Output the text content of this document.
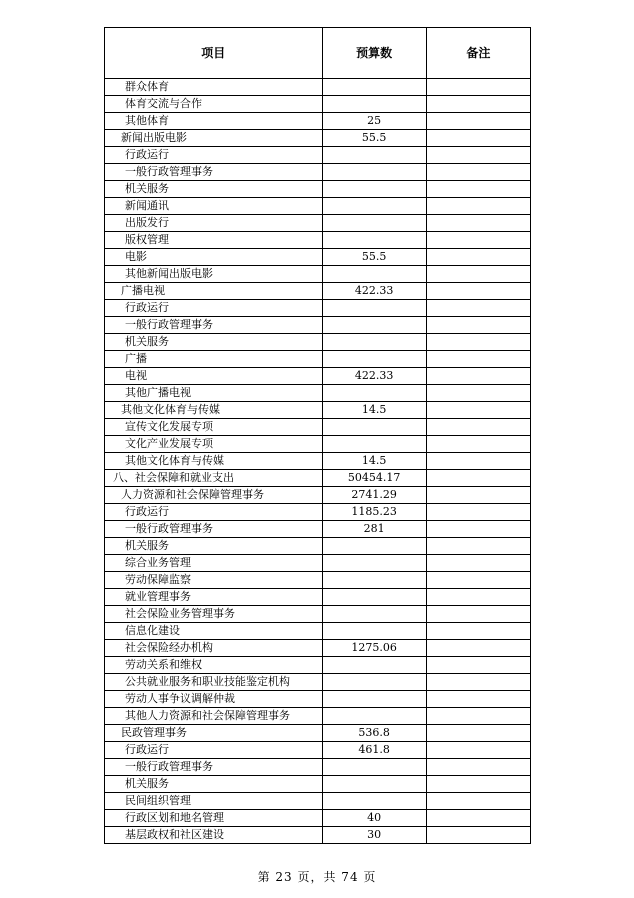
项目	预算数	备注
群众体育		
体育交流与合作		
其他体育	25	
新闻出版电影	55.5	
行政运行		
一般行政管理事务		
机关服务		
新闻通讯		
出版发行		
版权管理		
电影	55.5	
其他新闻出版电影		
广播电视	422.33	
行政运行		
一般行政管理事务		
机关服务		
广播		
电视	422.33	
其他广播电视		
其他文化体育与传媒	14.5	
宣传文化发展专项		
文化产业发展专项		
其他文化体育与传媒	14.5	
八、社会保障和就业支出	50454.17	
人力资源和社会保障管理事务	2741.29	
行政运行	1185.23	
一般行政管理事务	281	
机关服务		
综合业务管理		
劳动保障监察		
就业管理事务		
社会保险业务管理事务		
信息化建设		
社会保险经办机构	1275.06	
劳动关系和维权		
公共就业服务和职业技能鉴定机构		
劳动人事争议调解仲裁		
其他人力资源和社会保障管理事务		
民政管理事务	536.8	
行政运行	461.8	
一般行政管理事务		
机关服务		
民间组织管理		
行政区划和地名管理	40	
基层政权和社区建设	30	
第 23 页，共 74 页
